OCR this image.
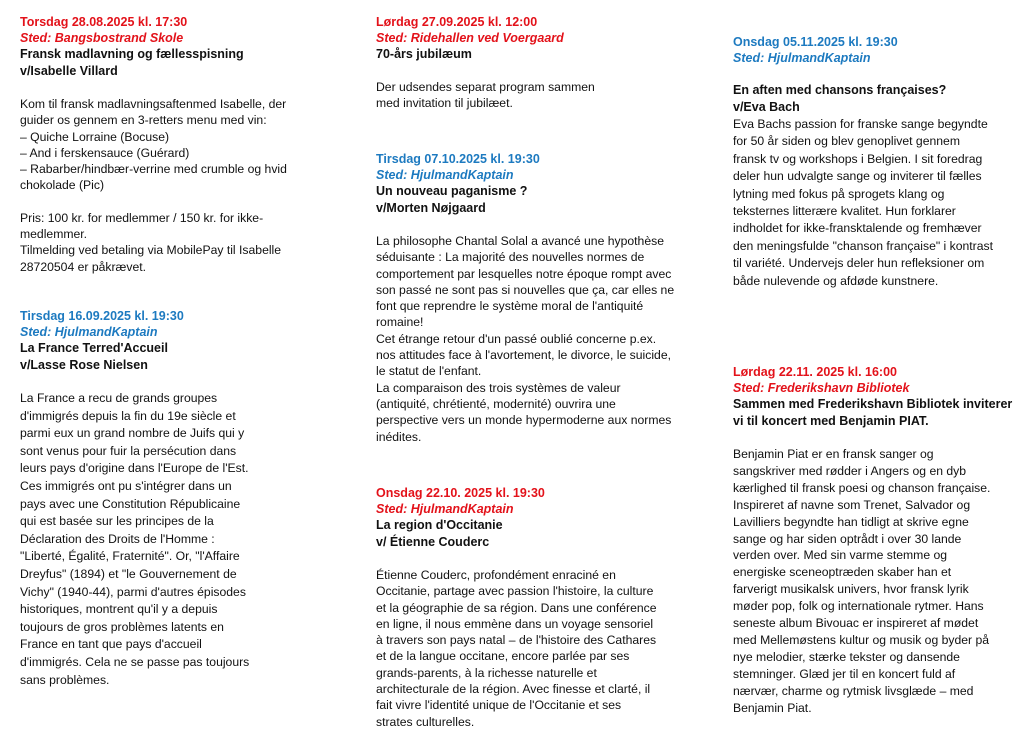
Torsdag 28.08.2025 kl. 17:30
Sted: Bangsbostrand Skole
Fransk madlavning og fællesspisning
v/Isabelle Villard
Kom til fransk madlavningsaftenmed Isabelle, der guider os gennem en 3-retters menu med vin:
– Quiche Lorraine (Bocuse)
– And i ferskensauce (Guérard)
– Rabarber/hindbær-verrine med crumble og hvid chokolade (Pic)
Pris: 100 kr. for medlemmer / 150 kr. for ikke-medlemmer.
Tilmelding ved betaling via MobilePay til Isabelle 28720504 er påkrævet.
Tirsdag 16.09.2025 kl. 19:30
Sted: HjulmandKaptain
La France Terred'Accueil
v/Lasse Rose Nielsen
La France a recu de grands groupes d'immigrés depuis la fin du 19e siècle et parmi eux un grand nombre de Juifs qui y sont venus pour fuir la persécution dans leurs pays d'origine dans l'Europe de l'Est. Ces immigrés ont pu s'intégrer dans un pays avec une Constitution Républicaine qui est basée sur les principes de la Déclaration des Droits de l'Homme : "Liberté, Égalité, Fraternité". Or, "l'Affaire Dreyfus" (1894) et "le Gouvernement de Vichy" (1940-44), parmi d'autres épisodes historiques, montrent qu'il y a depuis toujours de gros problèmes latents en France en tant que pays d'accueil d'immigrés. Cela ne se passe pas toujours sans problèmes.
Lørdag 27.09.2025 kl. 12:00
Sted: Ridehallen ved Voergaard
70-års jubilæum
Der udsendes separat program sammen med invitation til jubilæet.
Tirsdag 07.10.2025 kl. 19:30
Sted: HjulmandKaptain
Un nouveau paganisme ?
v/Morten Nøjgaard
La philosophe Chantal Solal a avancé une hypothèse séduisante : La majorité des nouvelles normes de comportement par lesquelles notre époque rompt avec son passé ne sont pas si nouvelles que ça, car elles ne font que reprendre le système moral de l'antiquité romaine!
Cet étrange retour d'un passé oublié concerne p.ex. nos attitudes face à l'avortement, le divorce, le suicide, le statut de l'enfant.
La comparaison des trois systèmes de valeur (antiquité, chrétienté, modernité) ouvrira une perspective vers un monde hypermoderne aux normes inédites.
Onsdag 22.10. 2025 kl. 19:30
Sted: HjulmandKaptain
La region d'Occitanie
v/ Étienne Couderc
Étienne Couderc, profondément enraciné en Occitanie, partage avec passion l'histoire, la culture et la géographie de sa région. Dans une conférence en ligne, il nous emmène dans un voyage sensoriel à travers son pays natal – de l'histoire des Cathares et de la langue occitane, encore parlée par ses grands-parents, à la richesse naturelle et architecturale de la région. Avec finesse et clarté, il fait vivre l'identité unique de l'Occitanie et ses strates culturelles.
Onsdag 05.11.2025 kl. 19:30
Sted: HjulmandKaptain
En aften med chansons françaises?
v/Eva Bach
Eva Bachs passion for franske sange begyndte for 50 år siden og blev genoplivet gennem fransk tv og workshops i Belgien. I sit foredrag deler hun udvalgte sange og inviterer til fælles lytning med fokus på sprogets klang og teksternes litterære kvalitet. Hun forklarer indholdet for ikke-fransktalende og fremhæver den meningsfulde "chanson française" i kontrast til variété. Undervejs deler hun refleksioner om både nulevende og afdøde kunstnere.
Lørdag 22.11. 2025 kl. 16:00
Sted: Frederikshavn Bibliotek
Sammen med Frederikshavn Bibliotek inviterer vi til koncert med Benjamin PIAT.
Benjamin Piat er en fransk sanger og sangskriver med rødder i Angers og en dyb kærlighed til fransk poesi og chanson française. Inspireret af navne som Trenet, Salvador og Lavilliers begyndte han tidligt at skrive egne sange og har siden optrådt i over 30 lande verden over. Med sin varme stemme og energiske sceneoptræden skaber han et farverigt musikalsk univers, hvor fransk lyrik møder pop, folk og internationale rytmer. Hans seneste album Bivouac er inspireret af mødet med Mellemøstens kultur og musik og byder på nye melodier, stærke tekster og dansende stemninger. Glæd jer til en koncert fuld af nærvær, charme og rytmisk livsglæde – med Benjamin Piat.
